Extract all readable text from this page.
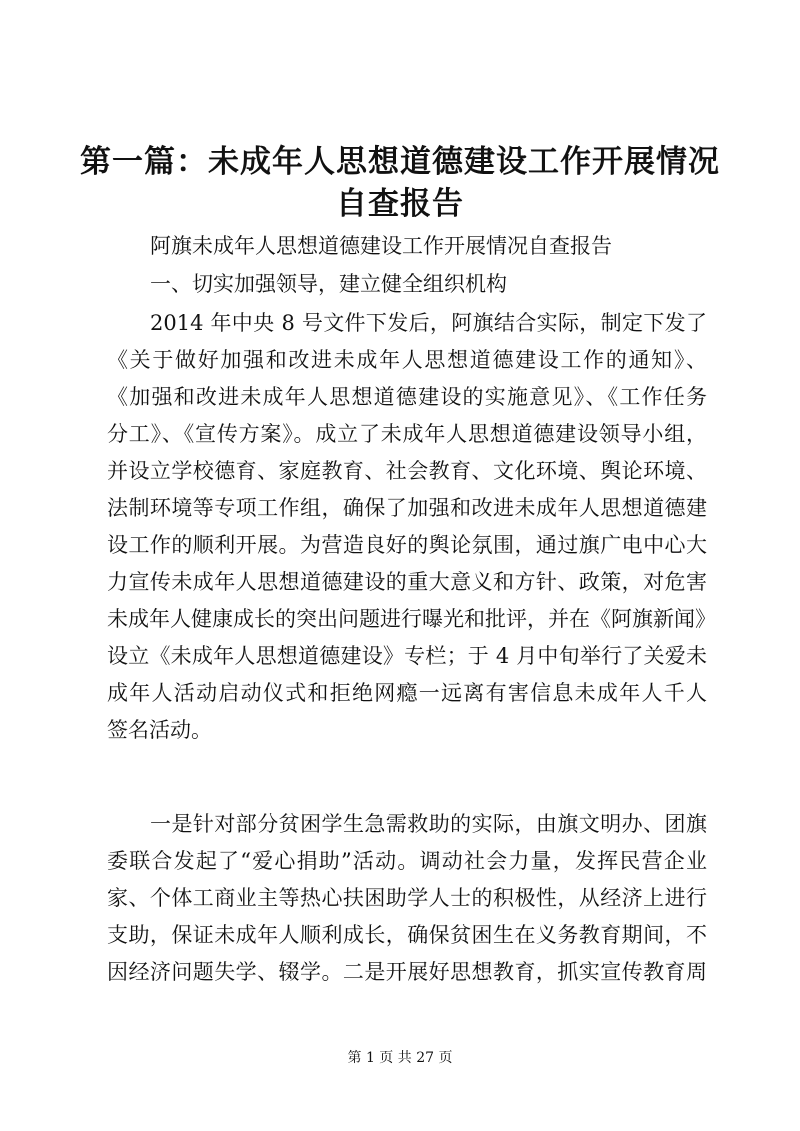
第一篇：未成年人思想道德建设工作开展情况
自查报告

阿旗未成年人思想道德建设工作开展情况自查报告

一、切实加强领导，建立健全组织机构

2014 年中央 8 号文件下发后，阿旗结合实际，制定下发了
《关于做好加强和改进未成年人思想道德建设工作的通知》、
《加强和改进未成年人思想道德建设的实施意见》、《工作任务
分工》、《宣传方案》。成立了未成年人思想道德建设领导小组，
并设立学校德育、家庭教育、社会教育、文化环境、舆论环境、
法制环境等专项工作组，确保了加强和改进未成年人思想道德建
设工作的顺利开展。为营造良好的舆论氛围，通过旗广电中心大
力宣传未成年人思想道德建设的重大意义和方针、政策，对危害
未成年人健康成长的突出问题进行曝光和批评，并在《阿旗新闻》
设立《未成年人思想道德建设》专栏；于 4 月中旬举行了关爱未
成年人活动启动仪式和拒绝网瘾一远离有害信息未成年人千人
签名活动。
一是针对部分贫困学生急需救助的实际，由旗文明办、团旗
委联合发起了“爱心捐助”活动。调动社会力量，发挥民营企业
家、个体工商业主等热心扶困助学人士的积极性，从经济上进行
支助，保证未成年人顺利成长，确保贫困生在义务教育期间，不
因经济问题失学、辍学。二是开展好思想教育，抓实宣传教育周
第 1 页 共 27 页
